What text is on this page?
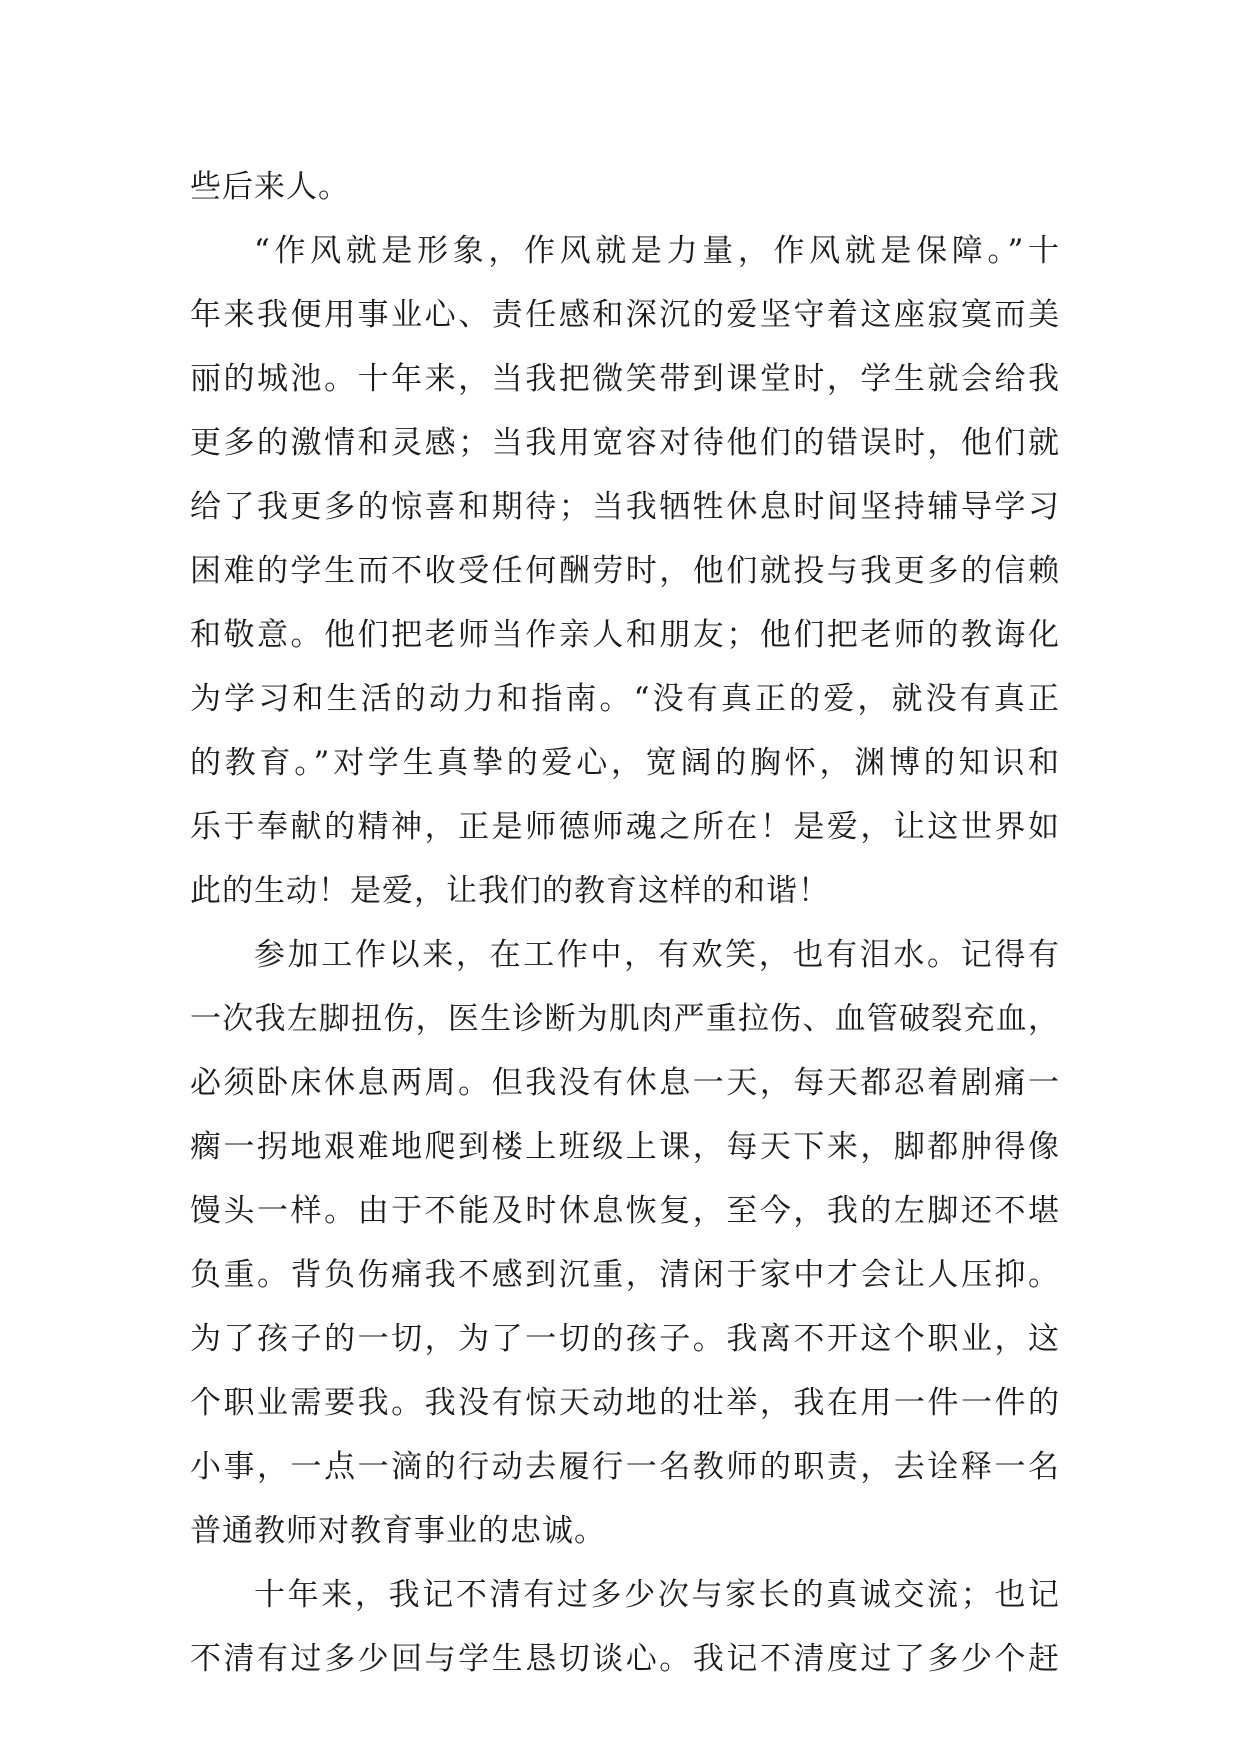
些后来人。
“作风就是形象，作风就是力量，作风就是保障。”十
年来我便用事业心、责任感和深沉的爱坚守着这座寂寞而美
丽的城池。十年来，当我把微笑带到课堂时，学生就会给我
更多的激情和灵感；当我用宽容对待他们的错误时，他们就
给了我更多的惊喜和期待；当我牺牲休息时间坚持辅导学习
困难的学生而不收受任何酬劳时，他们就投与我更多的信赖
和敬意。他们把老师当作亲人和朋友；他们把老师的教诲化
为学习和生活的动力和指南。“没有真正的爱，就没有真正
的教育。”对学生真挚的爱心，宽阔的胸怀，渊博的知识和
乐于奉献的精神，正是师德师魂之所在！是爱，让这世界如
此的生动！是爱，让我们的教育这样的和谐！
参加工作以来，在工作中，有欢笑，也有泪水。记得有
一次我左脚扭伤，医生诊断为肌肉严重拉伤、血管破裂充血，
必须卧床休息两周。但我没有休息一天，每天都忍着剧痛一
瘸一拐地艰难地爬到楼上班级上课，每天下来，脚都肿得像
馒头一样。由于不能及时休息恢复，至今，我的左脚还不堪
负重。背负伤痛我不感到沉重，清闲于家中才会让人压抑。
为了孩子的一切，为了一切的孩子。我离不开这个职业，这
个职业需要我。我没有惊天动地的壮举，我在用一件一件的
小事，一点一滴的行动去履行一名教师的职责，去诠释一名
普通教师对教育事业的忠诚。
十年来，我记不清有过多少次与家长的真诚交流；也记
不清有过多少回与学生恳切谈心。我记不清度过了多少个赶
